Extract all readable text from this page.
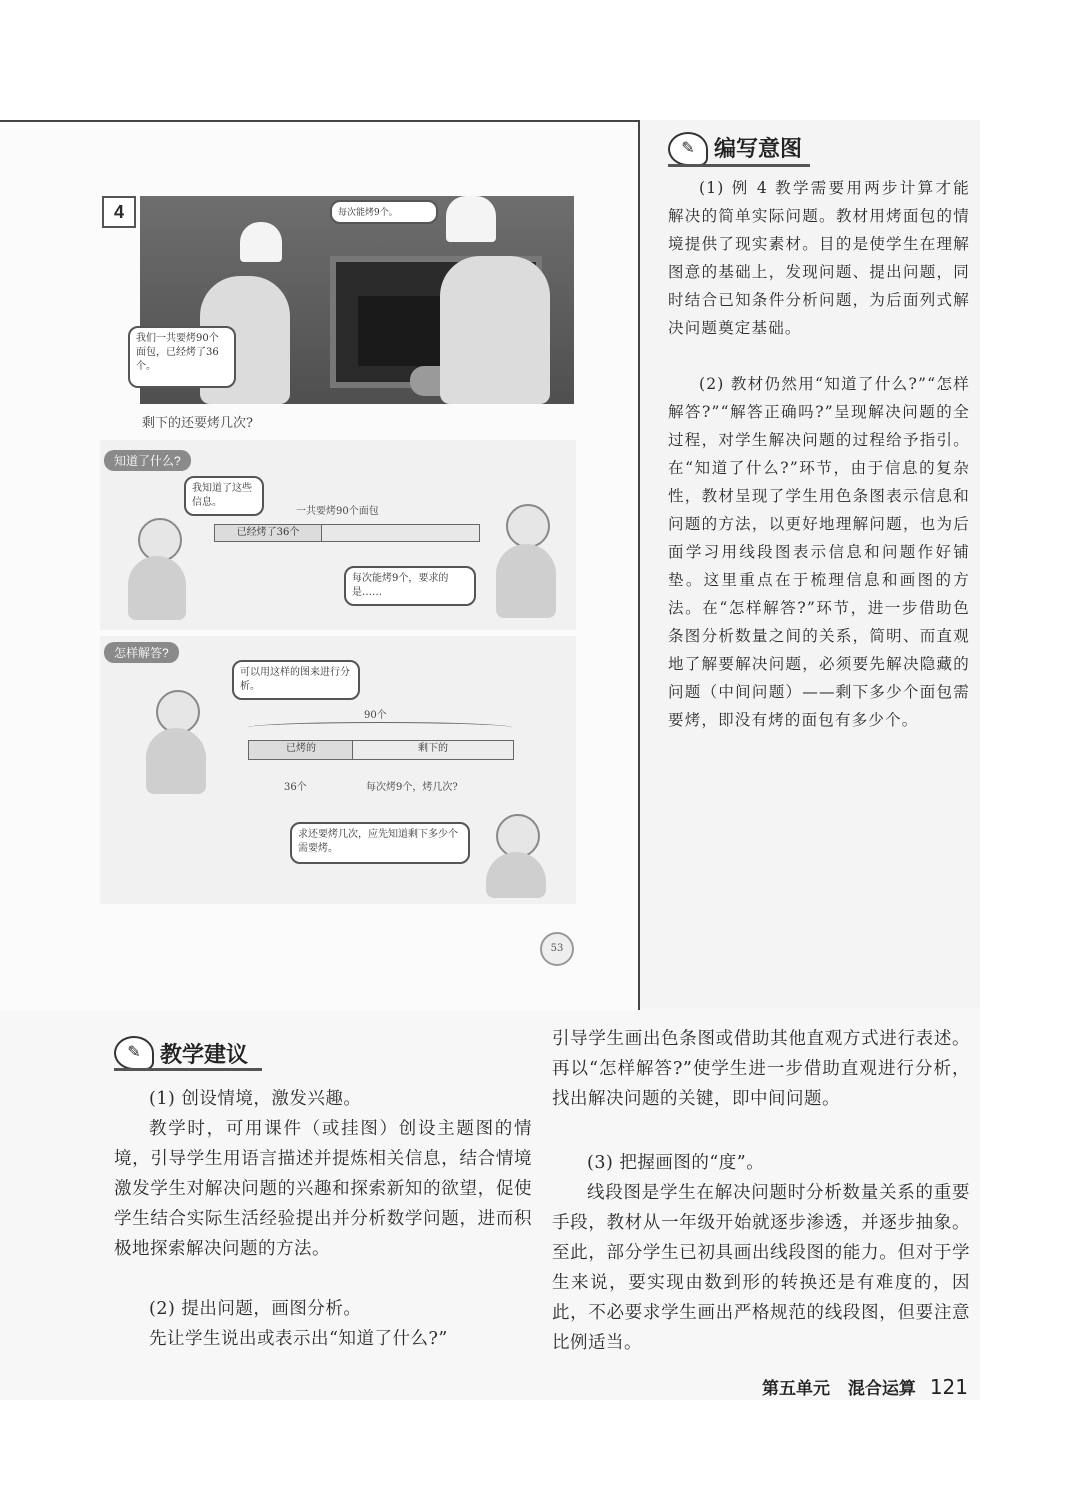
4	每次能烤9个。
我们一共要烤90个面包，已经烤了36个。
剩下的还要烤几次?
知道了什么?
我知道了这些信息。
一共要烤90个面包
已经烤了36个
每次能烤9个，要求的是……
怎样解答?
可以用这样的图来进行分析。
90个
已烤的	剩下的
36个	每次烤9个，烤几次?
求还要烤几次，应先知道剩下多少个需要烤。
53
✎ 编写意图

(1) 例 4 教学需要用两步计算才能解决的简单实际问题。教材用烤面包的情境提供了现实素材。目的是使学生在理解图意的基础上，发现问题、提出问题，同时结合已知条件分析问题，为后面列式解决问题奠定基础。

(2) 教材仍然用“知道了什么?”“怎样解答?”“解答正确吗?”呈现解决问题的全过程，对学生解决问题的过程给予指引。在“知道了什么?”环节，由于信息的复杂性，教材呈现了学生用色条图表示信息和问题的方法，以更好地理解问题，也为后面学习用线段图表示信息和问题作好铺垫。这里重点在于梳理信息和画图的方法。在“怎样解答?”环节，进一步借助色条图分析数量之间的关系，简明、而直观地了解要解决问题，必须要先解决隐藏的问题（中间问题）——剩下多少个面包需要烤，即没有烤的面包有多少个。

✎ 教学建议

(1) 创设情境，激发兴趣。

教学时，可用课件（或挂图）创设主题图的情境，引导学生用语言描述并提炼相关信息，结合情境激发学生对解决问题的兴趣和探索新知的欲望，促使学生结合实际生活经验提出并分析数学问题，进而积极地探索解决问题的方法。

(2) 提出问题，画图分析。

先让学生说出或表示出“知道了什么?”

引导学生画出色条图或借助其他直观方式进行表述。再以“怎样解答?”使学生进一步借助直观进行分析，找出解决问题的关键，即中间问题。

(3) 把握画图的“度”。

线段图是学生在解决问题时分析数量关系的重要手段，教材从一年级开始就逐步渗透，并逐步抽象。至此，部分学生已初具画出线段图的能力。但对于学生来说，要实现由数到形的转换还是有难度的，因此，不必要求学生画出严格规范的线段图，但要注意比例适当。

第五单元 混合运算 121
